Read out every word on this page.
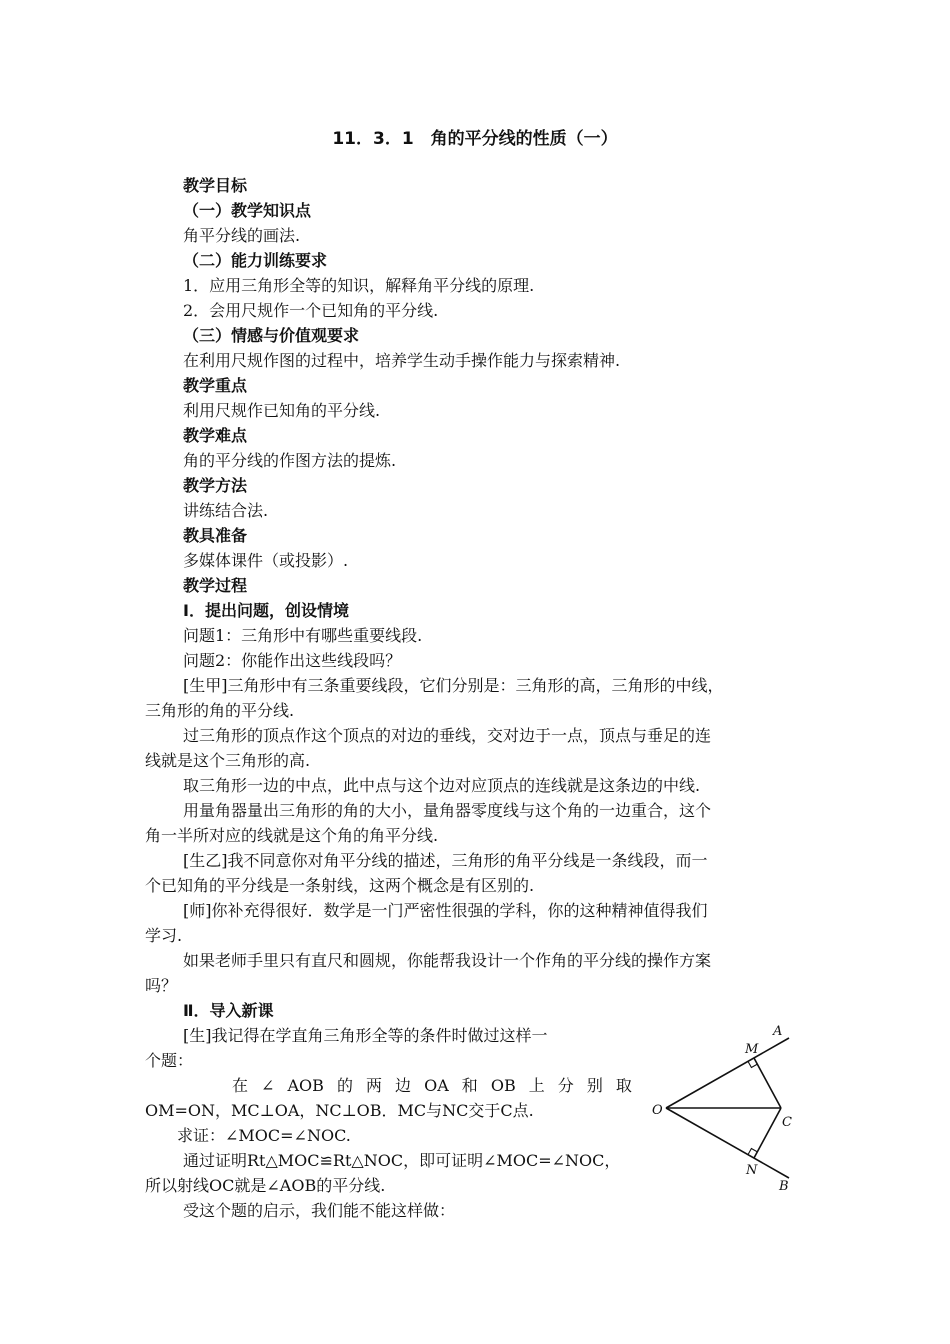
11．3．1　角的平分线的性质（一）
教学目标
（一）教学知识点
角平分线的画法.
（二）能力训练要求
1．应用三角形全等的知识，解释角平分线的原理.
2．会用尺规作一个已知角的平分线.
（三）情感与价值观要求
在利用尺规作图的过程中，培养学生动手操作能力与探索精神.
教学重点
利用尺规作已知角的平分线.
教学难点
角的平分线的作图方法的提炼.
教学方法
讲练结合法.
教具准备
多媒体课件（或投影）.
教学过程
Ⅰ．提出问题，创设情境
问题1：三角形中有哪些重要线段.
问题2：你能作出这些线段吗？
[生甲]三角形中有三条重要线段，它们分别是：三角形的高，三角形的中线，
三角形的角的平分线.
过三角形的顶点作这个顶点的对边的垂线，交对边于一点，顶点与垂足的连
线就是这个三角形的高.
取三角形一边的中点，此中点与这个边对应顶点的连线就是这条边的中线.
用量角器量出三角形的角的大小，量角器零度线与这个角的一边重合，这个
角一半所对应的线就是这个角的角平分线.
[生乙]我不同意你对角平分线的描述，三角形的角平分线是一条线段，而一
个已知角的平分线是一条射线，这两个概念是有区别的.
[师]你补充得很好．数学是一门严密性很强的学科，你的这种精神值得我们
学习.
如果老师手里只有直尺和圆规，你能帮我设计一个作角的平分线的操作方案
吗？
Ⅱ．导入新课
[生]我记得在学直角三角形全等的条件时做过这样一
个题：
在 ∠ AOB 的 两 边 OA 和 OB 上 分 别 取
OM=ON，MC⊥OA，NC⊥OB．MC与NC交于C点.
求证：∠MOC=∠NOC.
通过证明Rt△MOC≌Rt△NOC，即可证明∠MOC=∠NOC，
所以射线OC就是∠AOB的平分线.
受这个题的启示，我们能不能这样做：
A
B
O
M
N
C
